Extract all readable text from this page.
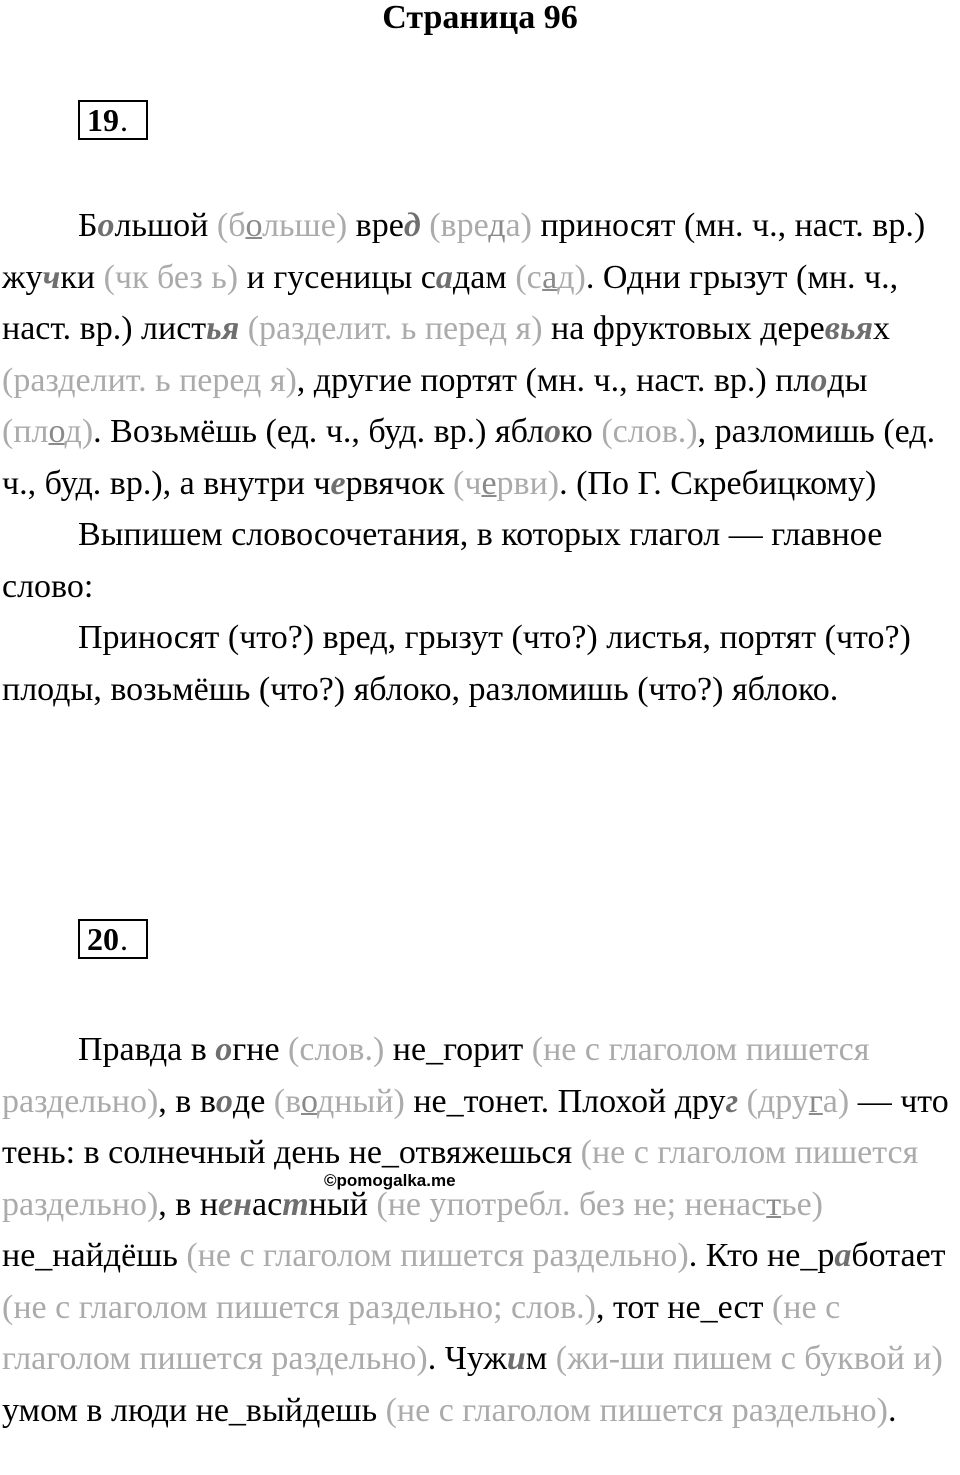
Страница 96
19.

Большой (больше) вред (вреда) приносят (мн. ч., наст. вр.) жучки (чк без ь) и гусеницы садам (сад). Одни грызут (мн. ч., наст. вр.) листья (разделит. ь перед я) на фруктовых деревьях (разделит. ь перед я), другие портят (мн. ч., наст. вр.) плоды (плод). Возьмёшь (ед. ч., буд. вр.) яблоко (слов.), разломишь (ед. ч., буд. вр.), а внутри червячок (черви). (По Г. Скребицкому)

Выпишем словосочетания, в которых глагол — главное слово:

Приносят (что?) вред, грызут (что?) листья, портят (что?) плоды, возьмёшь (что?) яблоко, разломишь (что?) яблоко.

20.

Правда в огне (слов.) не_горит (не с глаголом пишется раздельно), в воде (водный) не_тонет. Плохой друг (друга) — что тень: в солнечный день не_отвяжешься (не с глаголом пишется раздельно), в ненастный (не употребл. без не; ненастье) не_найдёшь (не с глаголом пишется раздельно). Кто не_работает (не с глаголом пишется раздельно; слов.), тот не_ест (не с глаголом пишется раздельно). Чужим (жи-ши пишем с буквой и) умом в люди не_выйдешь (не с глаголом пишется раздельно).

©pomogalka.me
